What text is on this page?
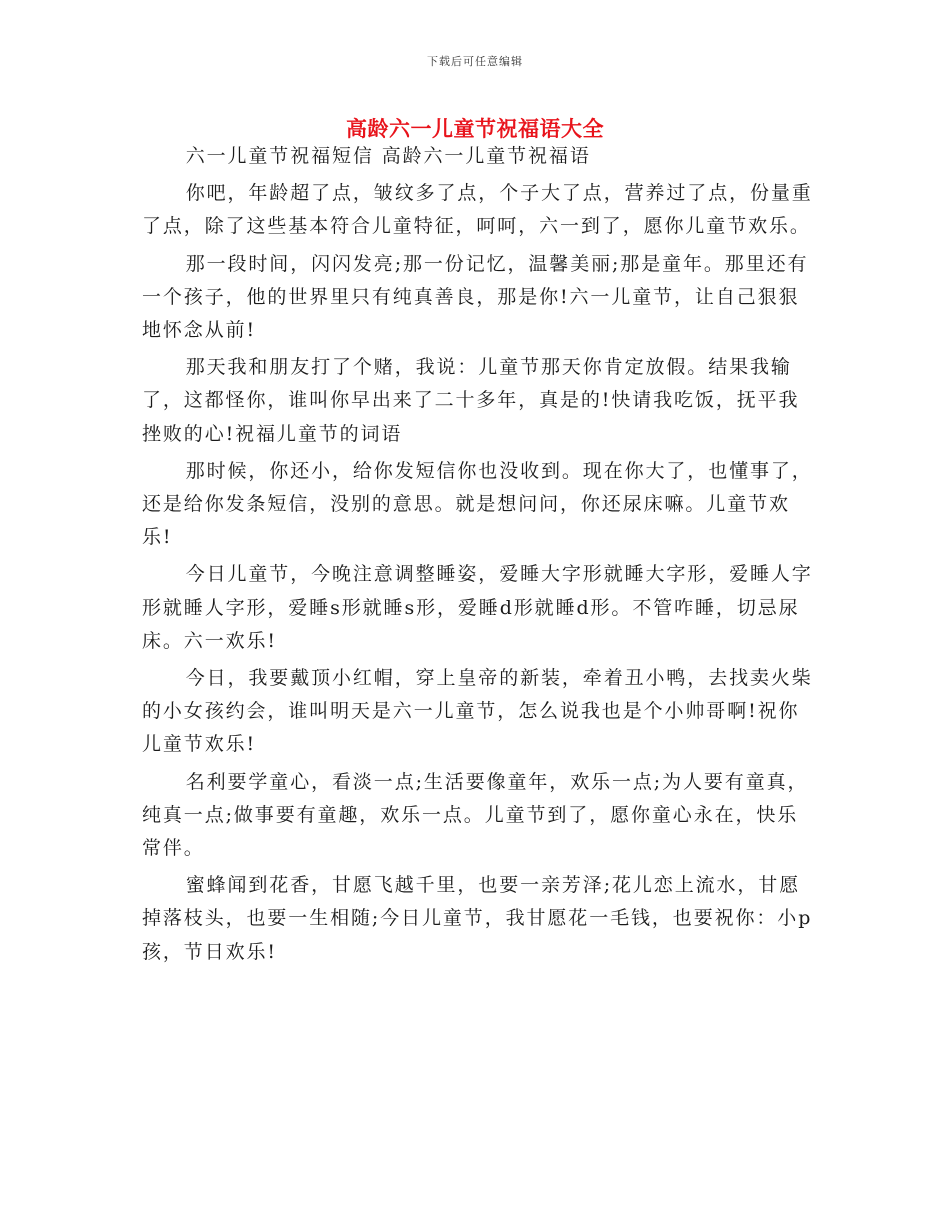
下载后可任意编辑
高龄六一儿童节祝福语大全

六一儿童节祝福短信 高龄六一儿童节祝福语

你吧，年龄超了点，皱纹多了点，个子大了点，营养过了点，份量重了点，除了这些基本符合儿童特征，呵呵，六一到了，愿你儿童节欢乐。

那一段时间，闪闪发亮;那一份记忆，温馨美丽;那是童年。那里还有一个孩子，他的世界里只有纯真善良，那是你!六一儿童节，让自己狠狠地怀念从前!

那天我和朋友打了个赌，我说：儿童节那天你肯定放假。结果我输了，这都怪你，谁叫你早出来了二十多年，真是的!快请我吃饭，抚平我挫败的心!祝福儿童节的词语

那时候，你还小，给你发短信你也没收到。现在你大了，也懂事了，还是给你发条短信，没别的意思。就是想问问，你还尿床嘛。儿童节欢乐!

今日儿童节，今晚注意调整睡姿，爱睡大字形就睡大字形，爱睡人字形就睡人字形，爱睡s形就睡s形，爱睡d形就睡d形。不管咋睡，切忌尿床。六一欢乐!

今日，我要戴顶小红帽，穿上皇帝的新装，牵着丑小鸭，去找卖火柴的小女孩约会，谁叫明天是六一儿童节，怎么说我也是个小帅哥啊!祝你儿童节欢乐!

名利要学童心，看淡一点;生活要像童年，欢乐一点;为人要有童真，纯真一点;做事要有童趣，欢乐一点。儿童节到了，愿你童心永在，快乐常伴。

蜜蜂闻到花香，甘愿飞越千里，也要一亲芳泽;花儿恋上流水，甘愿掉落枝头，也要一生相随;今日儿童节，我甘愿花一毛钱，也要祝你：小p孩，节日欢乐!
